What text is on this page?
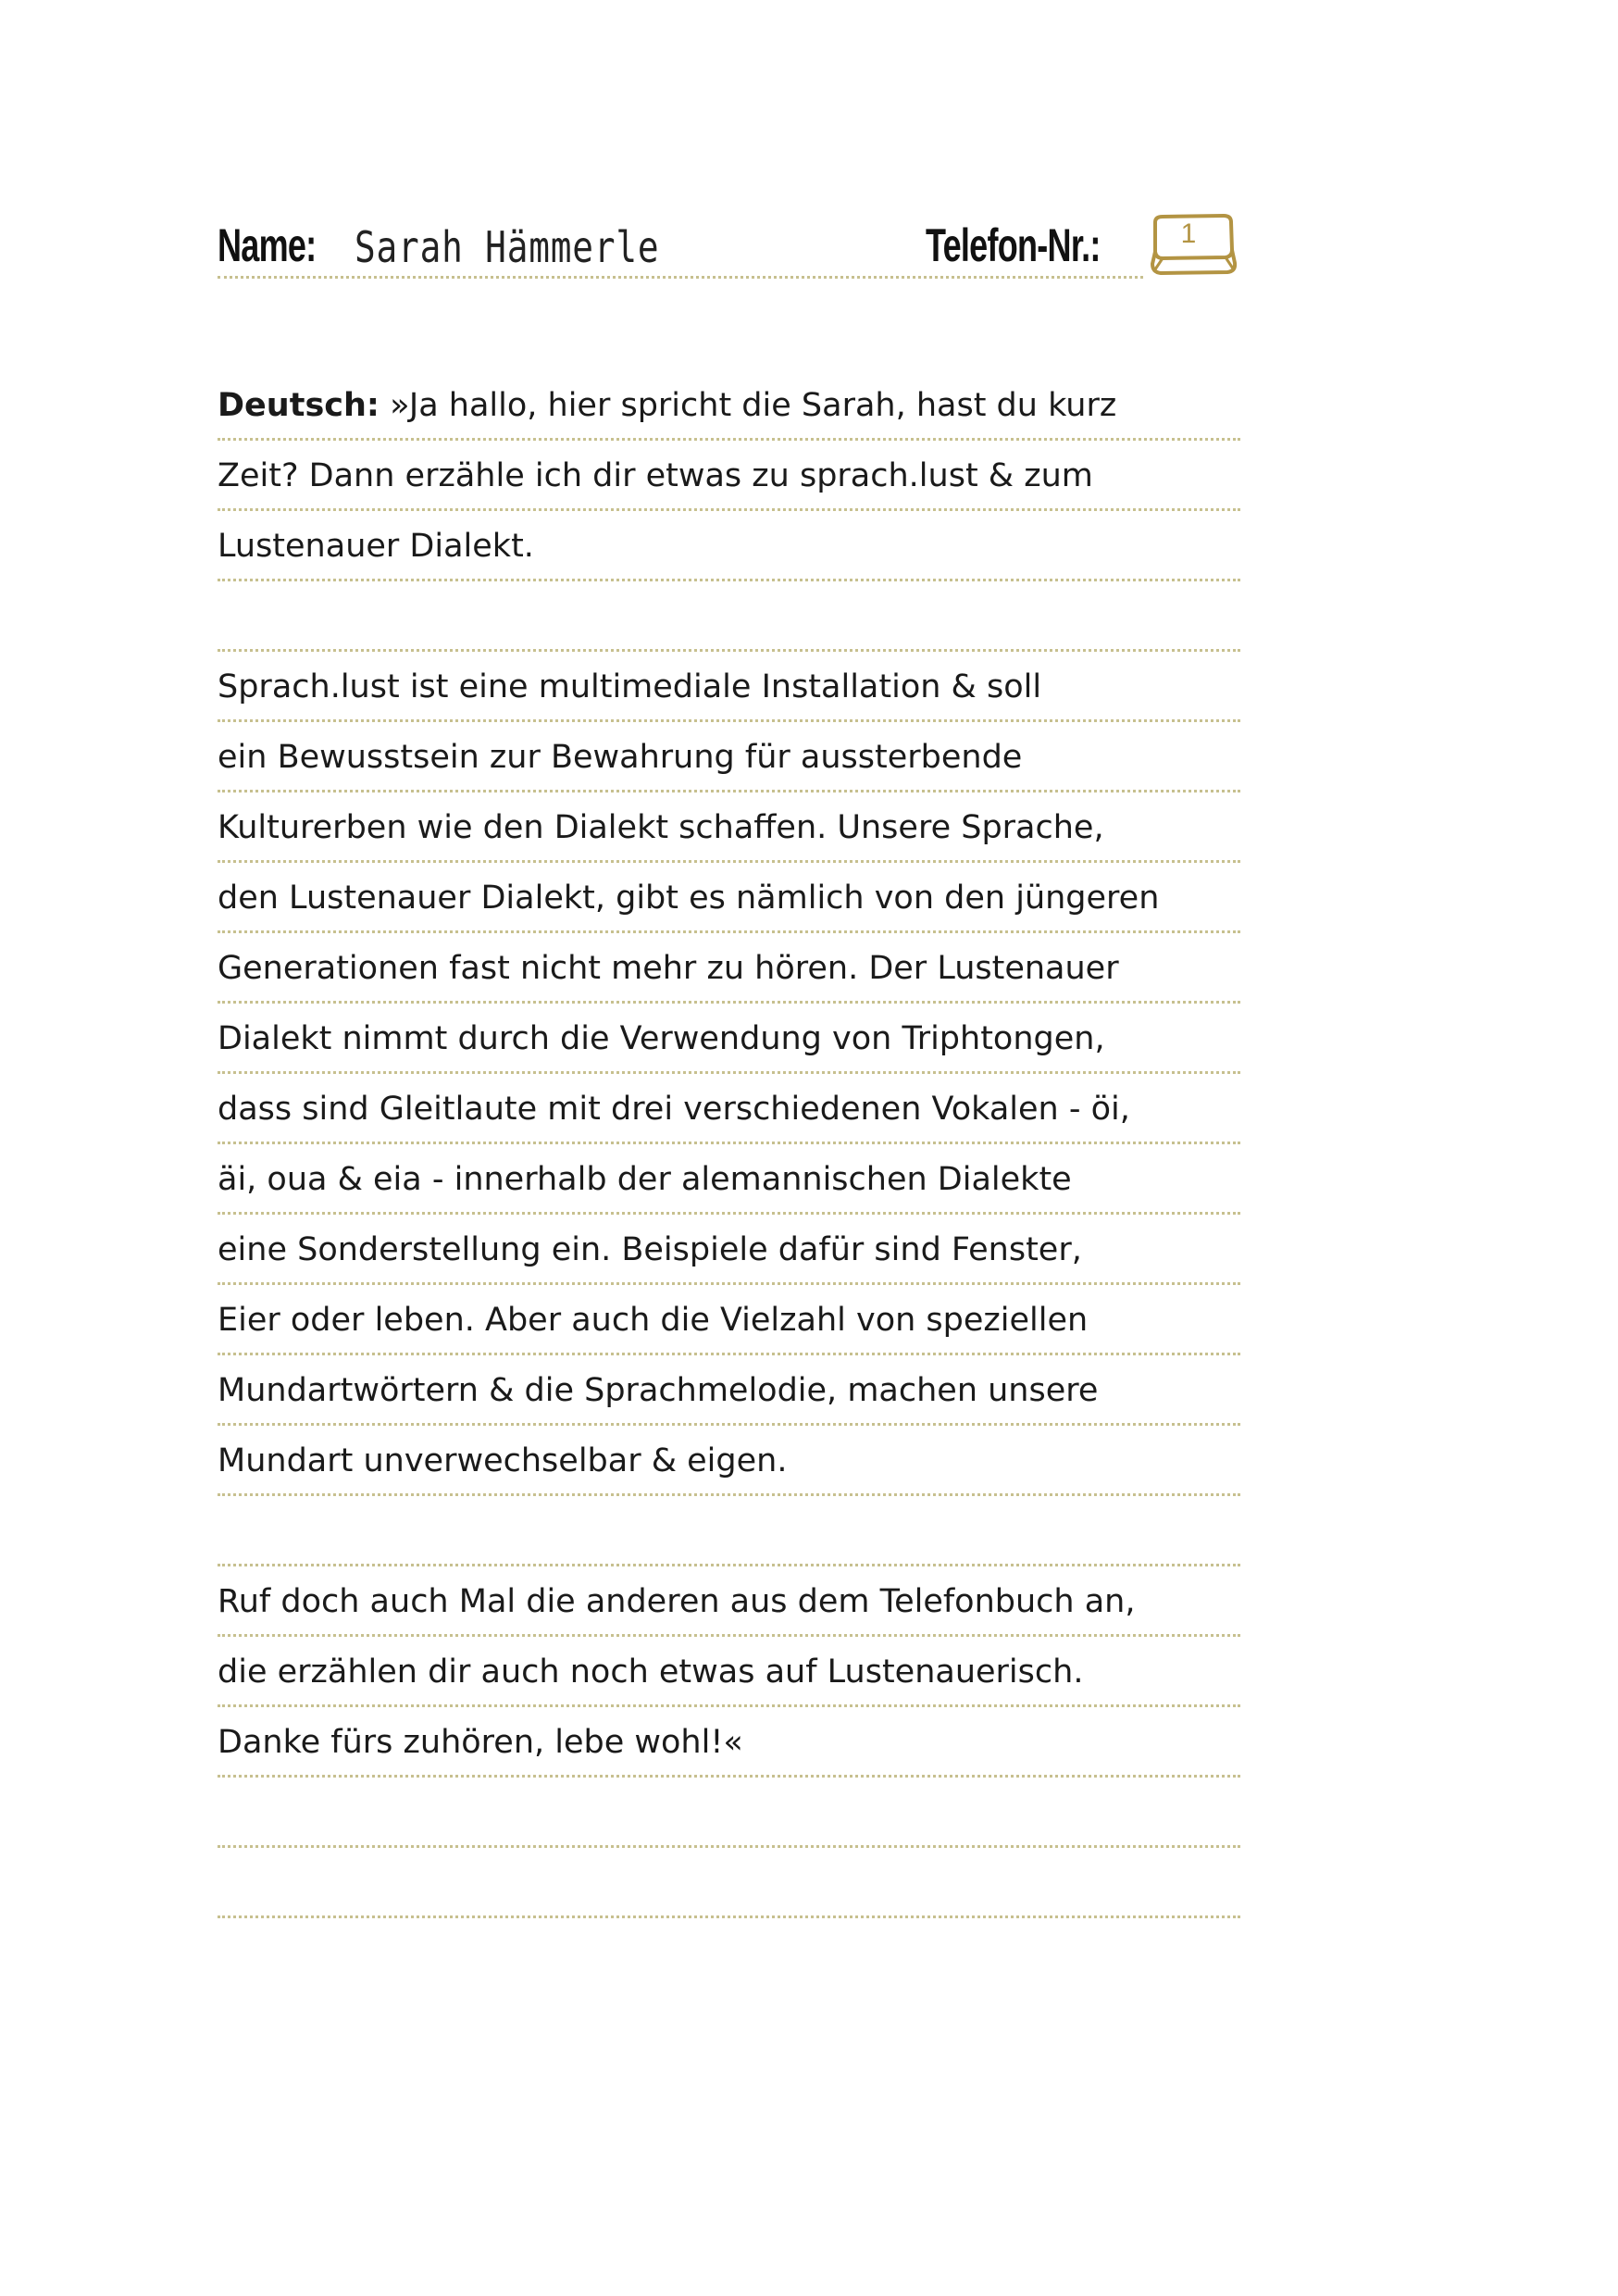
Name: Sarah Hämmerle	Telefon-Nr.:	1
Deutsch: »Ja hallo, hier spricht die Sarah, hast du kurz
Zeit? Dann erzähle ich dir etwas zu sprach.lust & zum
Lustenauer Dialekt.
Sprach.lust ist eine multimediale Installation & soll
ein Bewusstsein zur Bewahrung für aussterbende
Kulturerben wie den Dialekt schaffen. Unsere Sprache,
den Lustenauer Dialekt, gibt es nämlich von den jüngeren
Generationen fast nicht mehr zu hören. Der Lustenauer
Dialekt nimmt durch die Verwendung von Triphtongen,
dass sind Gleitlaute mit drei verschiedenen Vokalen - öi,
äi, oua & eia - innerhalb der alemannischen Dialekte
eine Sonderstellung ein. Beispiele dafür sind Fenster,
Eier oder leben. Aber auch die Vielzahl von speziellen
Mundartwörtern & die Sprachmelodie, machen unsere
Mundart unverwechselbar & eigen.
Ruf doch auch Mal die anderen aus dem Telefonbuch an,
die erzählen dir auch noch etwas auf Lustenauerisch.
Danke fürs zuhören, lebe wohl!«
